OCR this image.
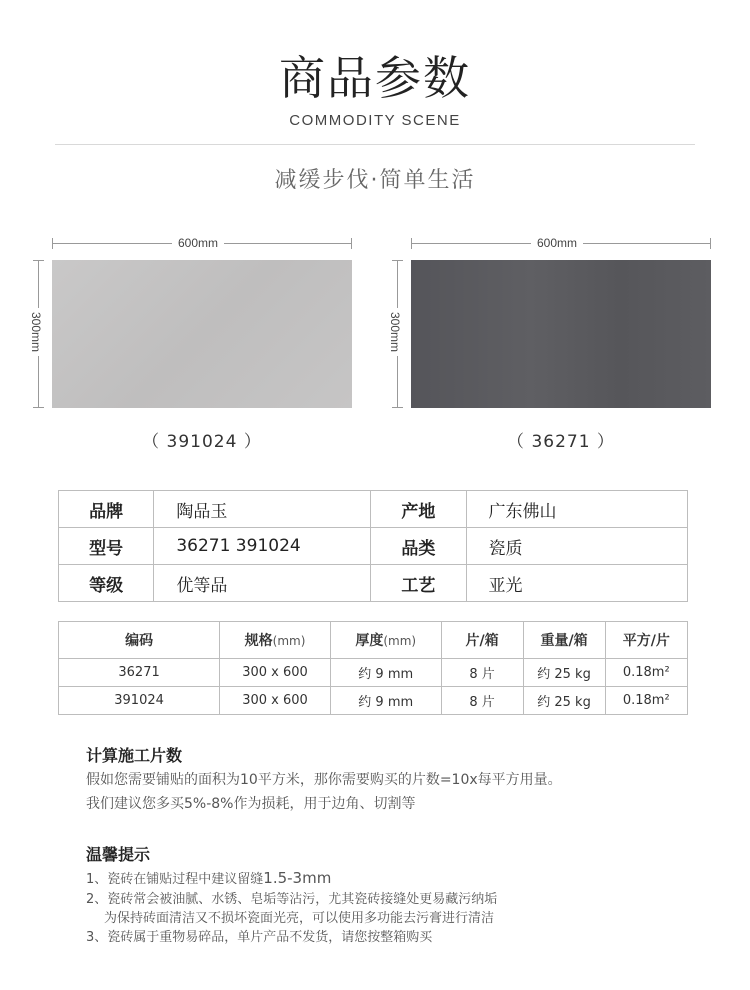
商品参数
COMMODITY SCENE
减缓步伐·简单生活
600mm
300mm
（ 391024 ）
600mm
300mm
（ 36271 ）
品牌	陶品玉	产地	广东佛山
型号	36271 391024	品类	瓷质
等级	优等品	工艺	亚光
编码	规格(mm)	厚度(mm)	片/箱	重量/箱	平方/片
36271	300 x 600	约 9 mm	8 片	约 25 kg	0.18m²
391024	300 x 600	约 9 mm	8 片	约 25 kg	0.18m²
计算施工片数
假如您需要铺贴的面积为10平方米，那你需要购买的片数=10x每平方用量。
我们建议您多买5%-8%作为损耗，用于边角、切割等
温馨提示
1、瓷砖在铺贴过程中建议留缝1.5-3mm
2、瓷砖常会被油腻、水锈、皂垢等沾污，尤其瓷砖接缝处更易藏污纳垢
为保持砖面清洁又不损坏瓷面光亮，可以使用多功能去污膏进行清洁
3、瓷砖属于重物易碎品，单片产品不发货，请您按整箱购买
